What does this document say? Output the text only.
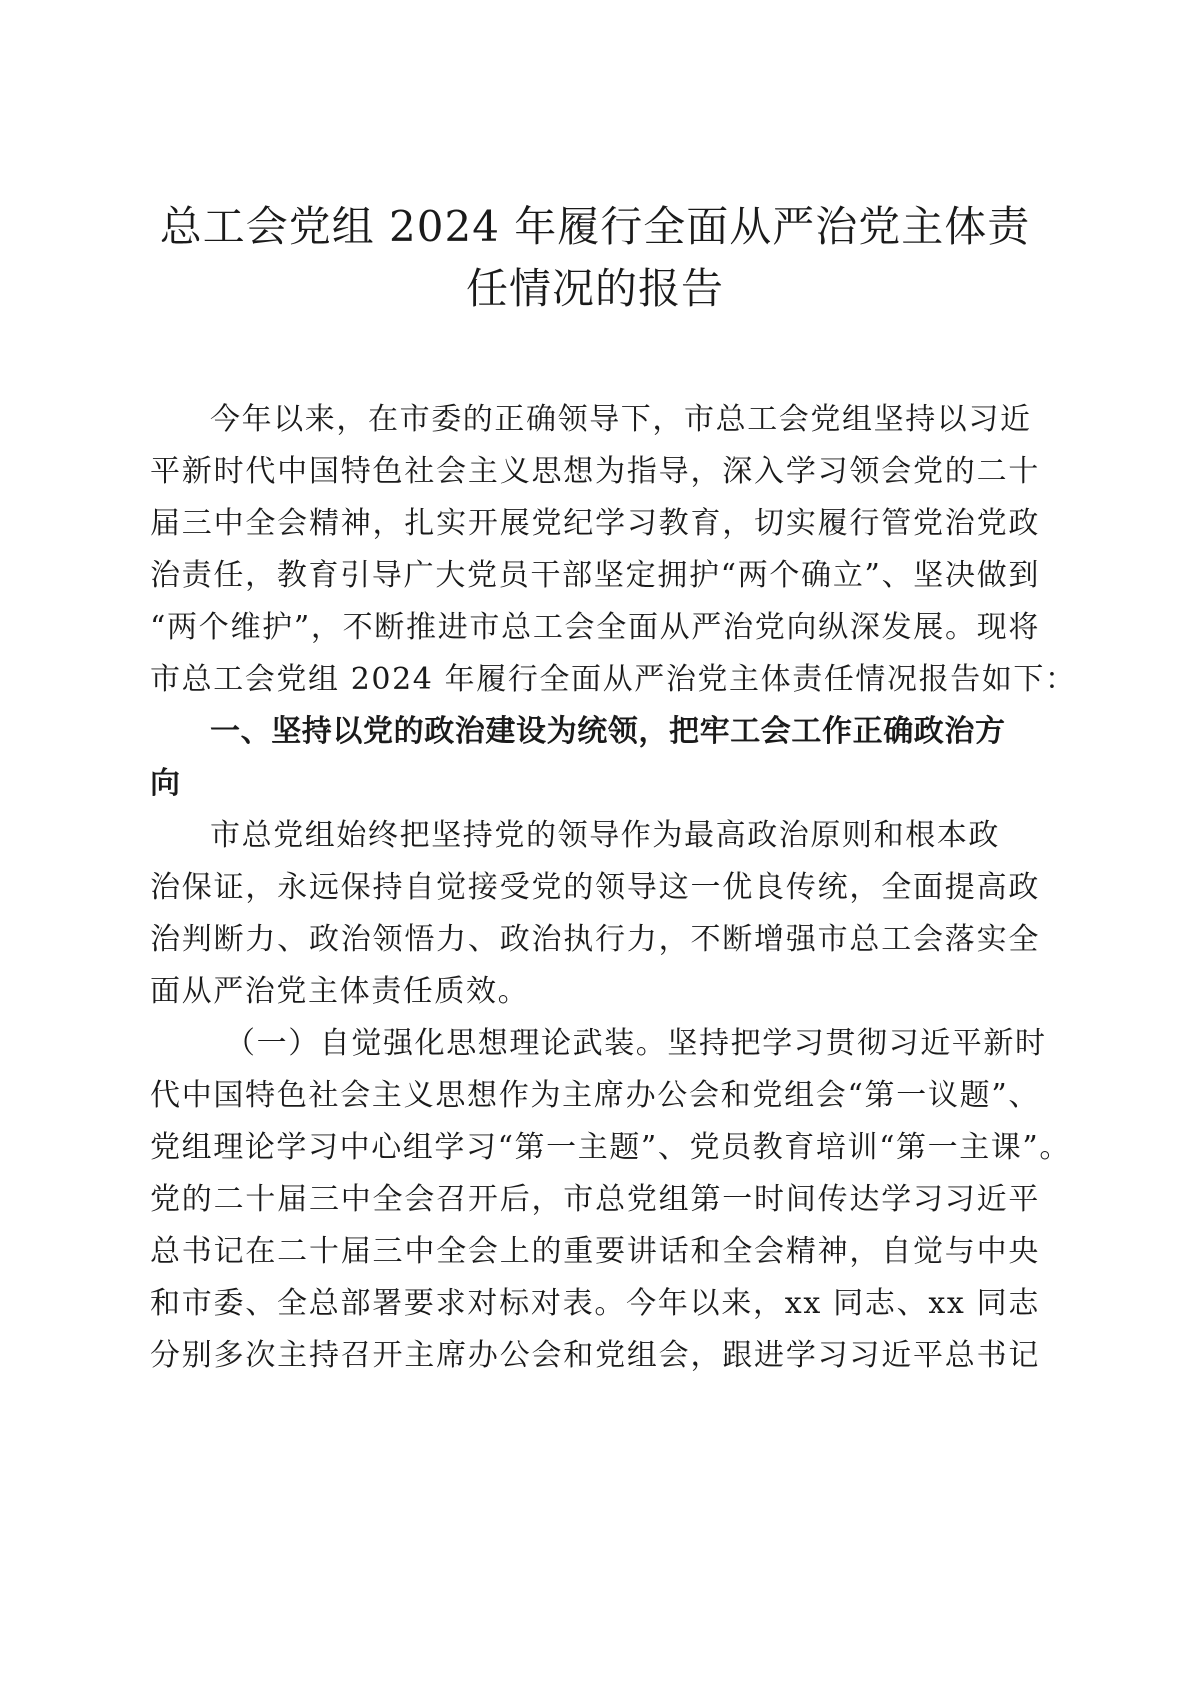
总工会党组 2024 年履行全面从严治党主体责
任情况的报告
今年以来，在市委的正确领导下，市总工会党组坚持以习近
平新时代中国特色社会主义思想为指导，深入学习领会党的二十
届三中全会精神，扎实开展党纪学习教育，切实履行管党治党政
治责任，教育引导广大党员干部坚定拥护“两个确立”、坚决做到
“两个维护”，不断推进市总工会全面从严治党向纵深发展。现将
市总工会党组 2024 年履行全面从严治党主体责任情况报告如下：
一、坚持以党的政治建设为统领，把牢工会工作正确政治方
向
市总党组始终把坚持党的领导作为最高政治原则和根本政
治保证，永远保持自觉接受党的领导这一优良传统，全面提高政
治判断力、政治领悟力、政治执行力，不断增强市总工会落实全
面从严治党主体责任质效。
（一）自觉强化思想理论武装。坚持把学习贯彻习近平新时
代中国特色社会主义思想作为主席办公会和党组会“第一议题”、
党组理论学习中心组学习“第一主题”、党员教育培训“第一主课”。
党的二十届三中全会召开后，市总党组第一时间传达学习习近平
总书记在二十届三中全会上的重要讲话和全会精神，自觉与中央
和市委、全总部署要求对标对表。今年以来，xx 同志、xx 同志
分别多次主持召开主席办公会和党组会，跟进学习习近平总书记
